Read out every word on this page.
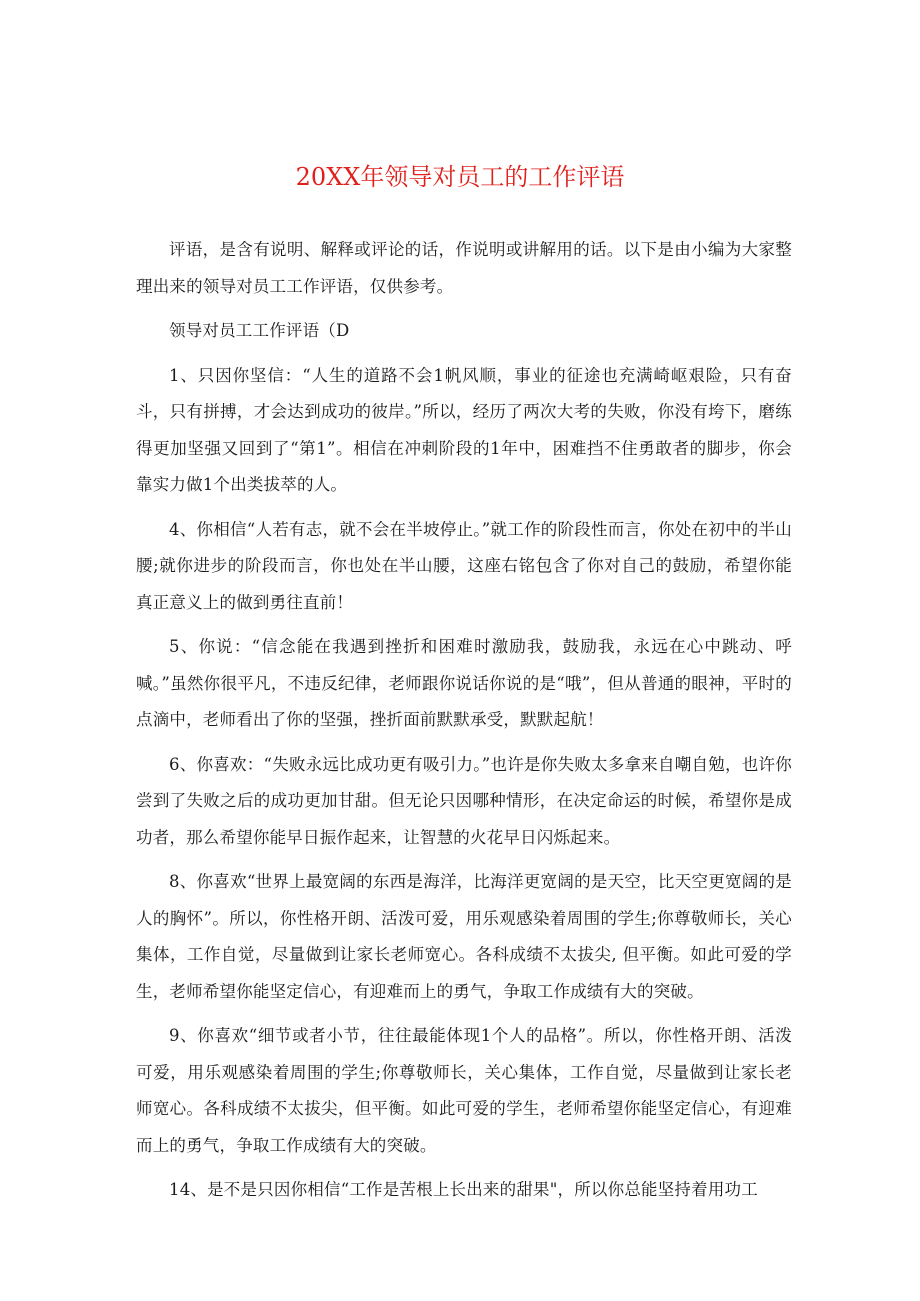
20XX年领导对员工的工作评语

评语，是含有说明、解释或评论的话，作说明或讲解用的话。以下是由小编为大家整理出来的领导对员工工作评语，仅供参考。

领导对员工工作评语（D

1、只因你坚信：“人生的道路不会1帆风顺，事业的征途也充满崎岖艰险，只有奋斗，只有拼搏，才会达到成功的彼岸。”所以，经历了两次大考的失败，你没有垮下，磨练得更加坚强又回到了“第1”。相信在冲刺阶段的1年中，困难挡不住勇敢者的脚步，你会靠实力做1个出类拔萃的人。

4、你相信“人若有志，就不会在半坡停止。”就工作的阶段性而言，你处在初中的半山腰;就你进步的阶段而言，你也处在半山腰，这座右铭包含了你对自己的鼓励，希望你能真正意义上的做到勇往直前！

5、你说：“信念能在我遇到挫折和困难时激励我，鼓励我，永远在心中跳动、呼喊。”虽然你很平凡，不违反纪律，老师跟你说话你说的是“哦”，但从普通的眼神，平时的点滴中，老师看出了你的坚强，挫折面前默默承受，默默起航！

6、你喜欢：“失败永远比成功更有吸引力。”也许是你失败太多拿来自嘲自勉，也许你尝到了失败之后的成功更加甘甜。但无论只因哪种情形，在决定命运的时候，希望你是成功者，那么希望你能早日振作起来，让智慧的火花早日闪烁起来。

8、你喜欢“世界上最宽阔的东西是海洋，比海洋更宽阔的是天空，比天空更宽阔的是人的胸怀”。所以，你性格开朗、活泼可爱，用乐观感染着周围的学生;你尊敬师长，关心集体，工作自觉，尽量做到让家长老师宽心。各科成绩不太拔尖, 但平衡。如此可爱的学生，老师希望你能坚定信心，有迎难而上的勇气，争取工作成绩有大的突破。

9、你喜欢“细节或者小节，往往最能体现1个人的品格”。所以，你性格开朗、活泼可爱，用乐观感染着周围的学生;你尊敬师长，关心集体，工作自觉，尽量做到让家长老师宽心。各科成绩不太拔尖，但平衡。如此可爱的学生，老师希望你能坚定信心，有迎难而上的勇气，争取工作成绩有大的突破。

14、是不是只因你相信“工作是苦根上长出来的甜果"，所以你总能坚持着用功工
